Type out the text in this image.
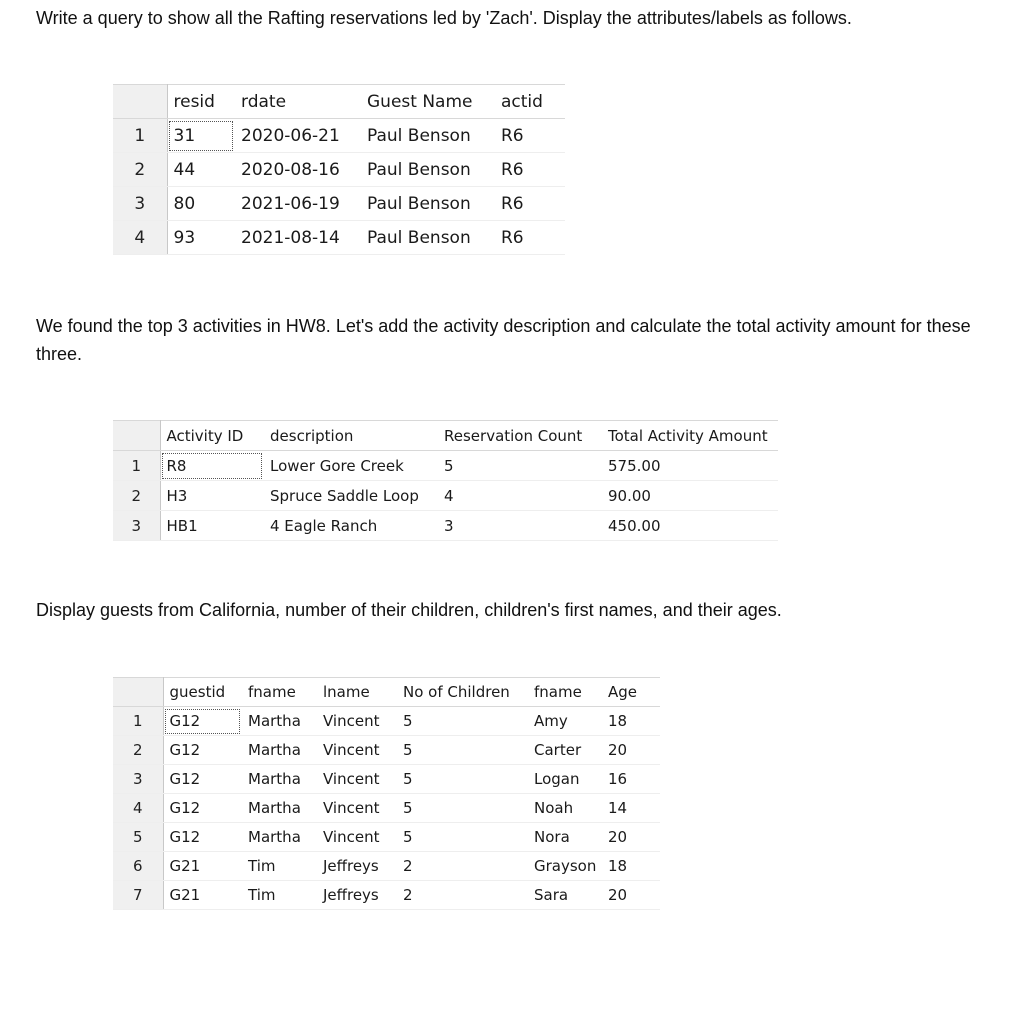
Write a query to show all the Rafting reservations led by 'Zach'. Display the attributes/labels as follows.

	resid	rdate	Guest Name	actid
1	31	2020-06-21	Paul Benson	R6
2	44	2020-08-16	Paul Benson	R6
3	80	2021-06-19	Paul Benson	R6
4	93	2021-08-14	Paul Benson	R6

We found the top 3 activities in HW8. Let's add the activity description and calculate the total activity amount for these three.

	Activity ID	description	Reservation Count	Total Activity Amount
1	R8	Lower Gore Creek	5	575.00
2	H3	Spruce Saddle Loop	4	90.00
3	HB1	4 Eagle Ranch	3	450.00

Display guests from California, number of their children, children's first names, and their ages.

	guestid	fname	lname	No of Children	fname	Age
1	G12	Martha	Vincent	5	Amy	18
2	G12	Martha	Vincent	5	Carter	20
3	G12	Martha	Vincent	5	Logan	16
4	G12	Martha	Vincent	5	Noah	14
5	G12	Martha	Vincent	5	Nora	20
6	G21	Tim	Jeffreys	2	Grayson	18
7	G21	Tim	Jeffreys	2	Sara	20
